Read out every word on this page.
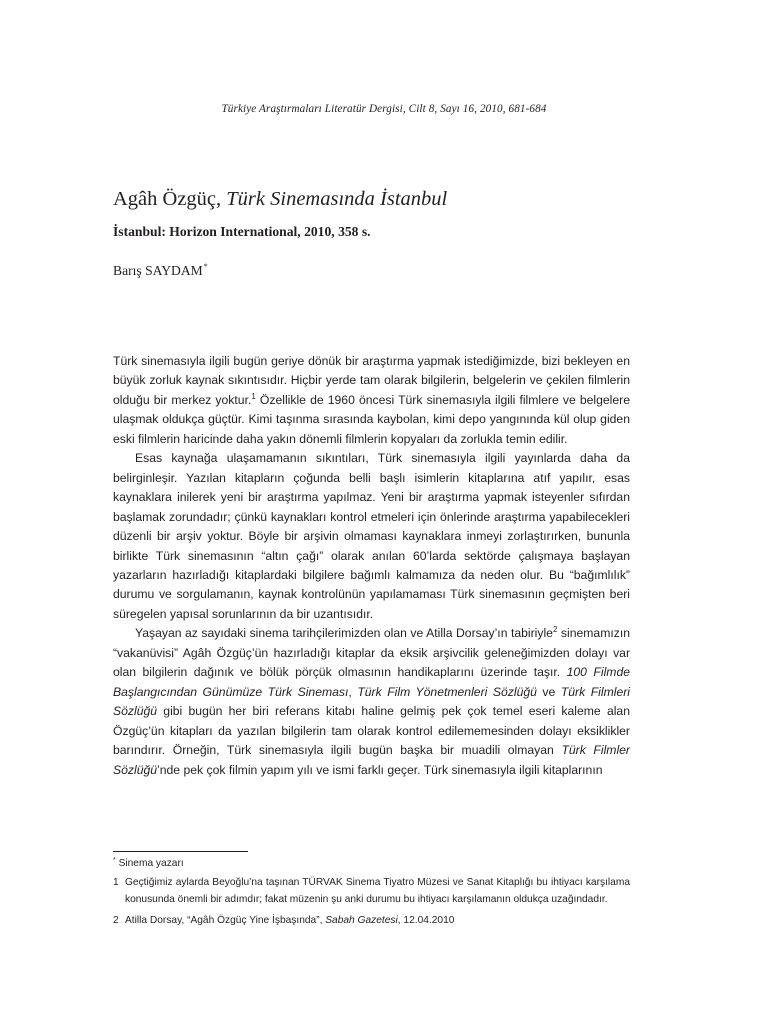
Türkiye Araştırmaları Literatür Dergisi, Cilt 8, Sayı 16, 2010, 681-684
Agâh Özgüç, Türk Sinemasında İstanbul
İstanbul: Horizon International, 2010, 358 s.
Barış SAYDAM*

Türk sinemasıyla ilgili bugün geriye dönük bir araştırma yapmak istediğimizde, bizi bekleyen en büyük zorluk kaynak sıkıntısıdır. Hiçbir yerde tam olarak bilgilerin, belgelerin ve çekilen filmlerin olduğu bir merkez yoktur.$^1$ Özellikle de 1960 öncesi Türk sinemasıyla ilgili filmlere ve belgelere ulaşmak oldukça güçtür. Kimi taşınma sırasında kaybolan, kimi depo yangınında kül olup giden eski filmlerin haricinde daha yakın dönemli filmlerin kopyaları da zorlukla temin edilir.

Esas kaynağa ulaşamamanın sıkıntıları, Türk sinemasıyla ilgili yayınlarda daha da belirginleşir. Yazılan kitapların çoğunda belli başlı isimlerin kitaplarına atıf yapılır, esas kaynaklara inilerek yeni bir araştırma yapılmaz. Yeni bir araştırma yapmak isteyenler sıfırdan başlamak zorundadır; çünkü kaynakları kontrol etmeleri için önlerinde araştırma yapabilecekleri düzenli bir arşiv yoktur. Böyle bir arşivin olmaması kaynaklara inmeyi zorlaştırırken, bununla birlikte Türk sinemasının “altın çağı” olarak anılan 60’larda sektörde çalışmaya başlayan yazarların hazırladığı kitaplardaki bilgilere bağımlı kalmamıza da neden olur. Bu “bağımlılık” durumu ve sorgulamanın, kaynak kontrolünün yapılamaması Türk sinemasının geçmişten beri süregelen yapısal sorunlarının da bir uzantısıdır.

Yaşayan az sayıdaki sinema tarihçilerimizden olan ve Atilla Dorsay’ın tabiriyle$^2$ sinemamızın “vakanüvisi” Agâh Özgüç’ün hazırladığı kitaplar da eksik arşivcilik geleneğimizden dolayı var olan bilgilerin dağınık ve bölük pörçük olmasının handikaplarını üzerinde taşır. 100 Filmde Başlangıcından Günümüze Türk Sineması, Türk Film Yönetmenleri Sözlüğü ve Türk Filmleri Sözlüğü gibi bugün her biri referans kitabı haline gelmiş pek çok temel eseri kaleme alan Özgüç’ün kitapları da yazılan bilgilerin tam olarak kontrol edilememesinden dolayı eksiklikler barındırır. Örneğin, Türk sinemasıyla ilgili bugün başka bir muadili olmayan Türk Filmler Sözlüğü’nde pek çok filmin yapım yılı ve ismi farklı geçer. Türk sinemasıyla ilgili kitaplarının

* Sinema yazarı

1 Geçtiğimiz aylarda Beyoğlu’na taşınan TÜRVAK Sinema Tiyatro Müzesi ve Sanat Kitaplığı bu ihtiyacı karşılama konusunda önemli bir adımdır; fakat müzenin şu anki durumu bu ihtiyacı karşılamanın oldukça uzağındadır.

2 Atilla Dorsay, “Agâh Özgüç Yine İşbaşında”, Sabah Gazetesi, 12.04.2010
